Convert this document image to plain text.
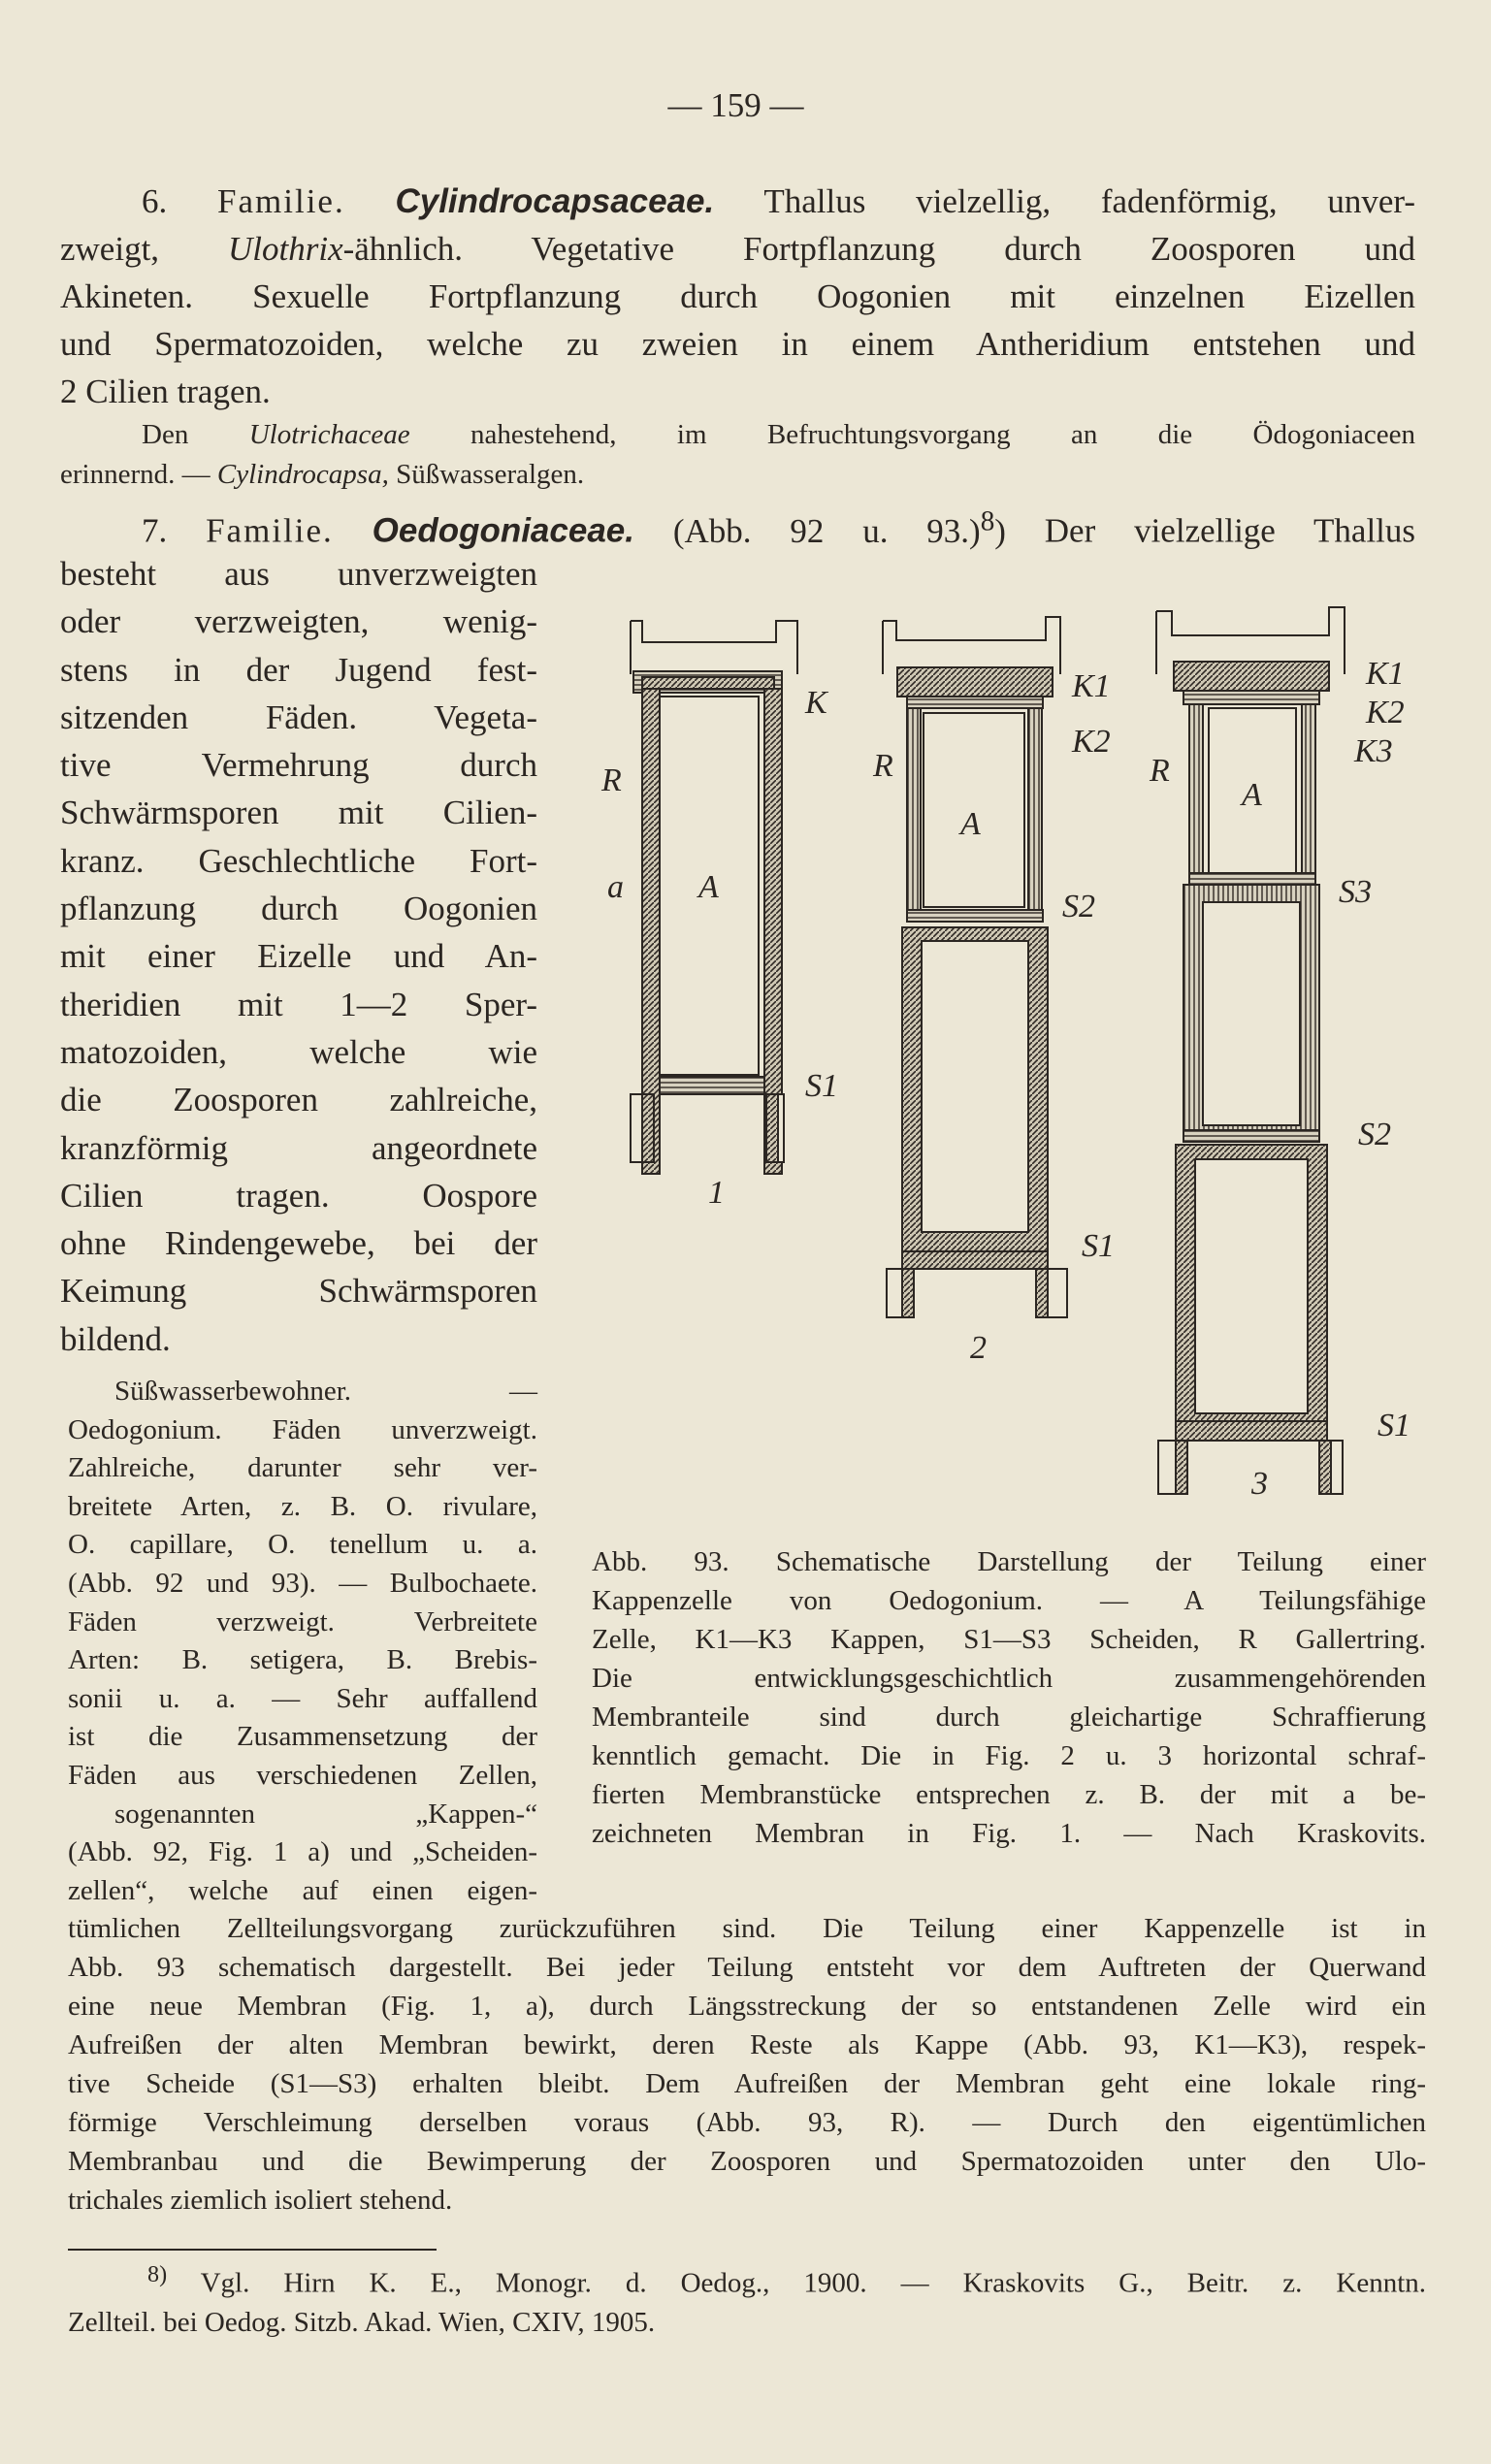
— 159 —
6. Familie. Cylindrocapsaceae. Thallus vielzellig, fadenförmig, unver-
zweigt, Ulothrix-ähnlich. Vegetative Fortpflanzung durch Zoosporen und
Akineten. Sexuelle Fortpflanzung durch Oogonien mit einzelnen Eizellen
und Spermatozoiden, welche zu zweien in einem Antheridium entstehen und
2 Cilien tragen.
Den Ulotrichaceae nahestehend, im Befruchtungsvorgang an die Ödogoniaceen
erinnernd. — Cylindrocapsa, Süßwasseralgen.
7. Familie. Oedogoniaceae. (Abb. 92 u. 93.)$^8$) Der vielzellige Thallus
besteht aus unverzweigten
oder verzweigten, wenig-
stens in der Jugend fest-
sitzenden Fäden. Vegeta-
tive Vermehrung durch
Schwärmsporen mit Cilien-
kranz. Geschlechtliche Fort-
pflanzung durch Oogonien
mit einer Eizelle und An-
theridien mit 1—2 Sper-
matozoiden, welche wie
die Zoosporen zahlreiche,
kranzförmig angeordnete
Cilien tragen. Oospore
ohne Rindengewebe, bei der
Keimung Schwärmsporen
bildend.
Süßwasserbewohner. —
Oedogonium. Fäden unverzweigt.
Zahlreiche, darunter sehr ver-
breitete Arten, z. B. O. rivulare,
O. capillare, O. tenellum u. a.
(Abb. 92 und 93). — Bulbochaete.
Fäden verzweigt. Verbreitete
Arten: B. setigera, B. Brebis-
sonii u. a. — Sehr auffallend
ist die Zusammensetzung der
Fäden aus verschiedenen Zellen,
sogenannten „Kappen-“
(Abb. 92, Fig. 1 a) und „Scheiden-
zellen“, welche auf einen eigen-
A
R
a
K
S1
1
A
R
K1
K2
S2
S1
2
A
R
K1
K2
K3
S3
S2
S1
3
Abb. 93. Schematische Darstellung der Teilung einer
Kappenzelle von Oedogonium. — A Teilungsfähige
Zelle, K1—K3 Kappen, S1—S3 Scheiden, R Gallertring.
Die entwicklungsgeschichtlich zusammengehörenden
Membranteile sind durch gleichartige Schraffierung
kenntlich gemacht. Die in Fig. 2 u. 3 horizontal schraf-
fierten Membranstücke entsprechen z. B. der mit a be-
zeichneten Membran in Fig. 1. — Nach Kraskovits.
tümlichen Zellteilungsvorgang zurückzuführen sind. Die Teilung einer Kappenzelle ist in
Abb. 93 schematisch dargestellt. Bei jeder Teilung entsteht vor dem Auftreten der Querwand
eine neue Membran (Fig. 1, a), durch Längsstreckung der so entstandenen Zelle wird ein
Aufreißen der alten Membran bewirkt, deren Reste als Kappe (Abb. 93, K1—K3), respek-
tive Scheide (S1—S3) erhalten bleibt. Dem Aufreißen der Membran geht eine lokale ring-
förmige Verschleimung derselben voraus (Abb. 93, R). — Durch den eigentümlichen
Membranbau und die Bewimperung der Zoosporen und Spermatozoiden unter den Ulo-
trichales ziemlich isoliert stehend.
$^{8)}$ Vgl. Hirn K. E., Monogr. d. Oedog., 1900. — Kraskovits G., Beitr. z. Kenntn.
Zellteil. bei Oedog. Sitzb. Akad. Wien, CXIV, 1905.
